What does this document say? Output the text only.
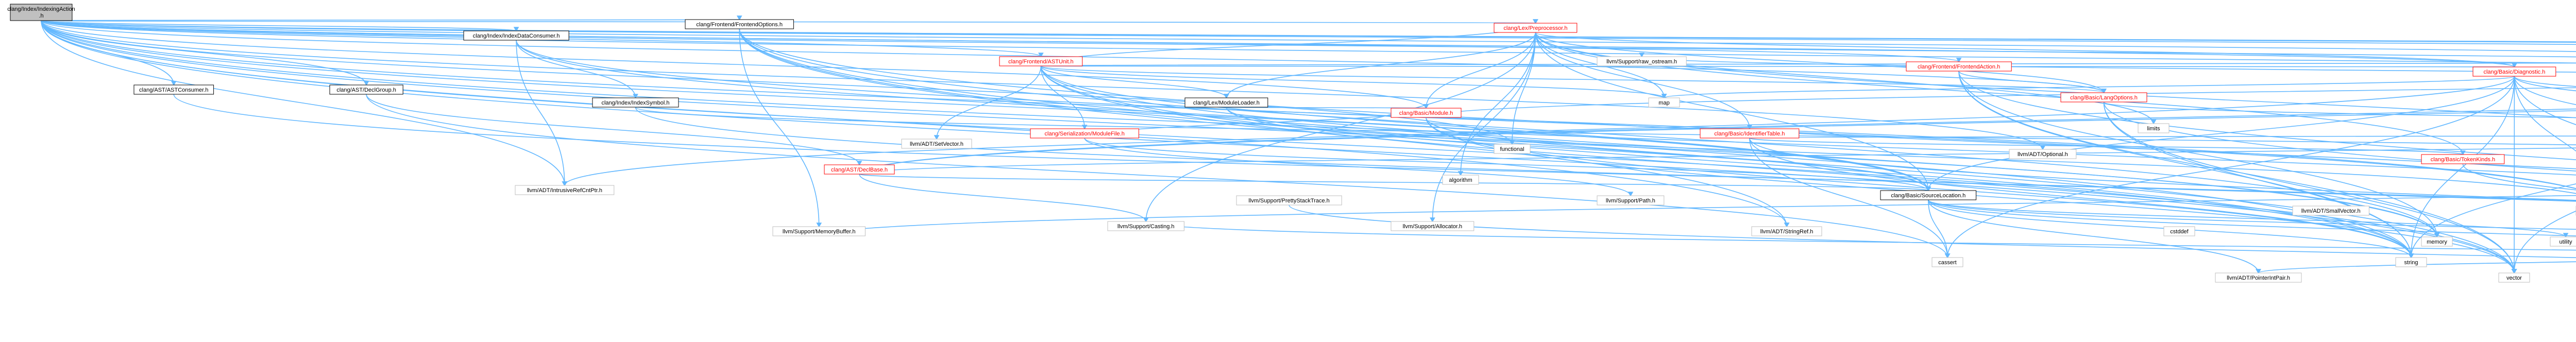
clang/Index/IndexingAction
.h
clang/Frontend/FrontendOptions.h
clang/Index/IndexDataConsumer.h
clang/AST/ASTConsumer.h	clang/AST/DeclGroup.h
clang/Frontend/ASTUnit.h
clang/Frontend/FrontendAction.h
clang/Lex/Preprocessor.h
clang/Lex/ModuleLoader.h
clang/Basic/Diagnostic.h
clang/Basic/LangOptions.h
clang/Basic/SourceLocation.h
clang/Basic/IdentifierTable.h
clang/Basic/TokenKinds.h
clang/Basic/Module.h
clang/Index/IndexSymbol.h
clang/AST/DeclBase.h
clang/Serialization/ModuleFile.h
llvm/ADT/StringRef.h
llvm/ADT/SmallVector.h
llvm/ADT/IntrusiveRefCntPtr.h
llvm/ADT/Optional.h
llvm/ADT/PointerIntPair.h
llvm/ADT/SetVector.h
llvm/Support/Casting.h	llvm/Support/Allocator.h
llvm/Support/MemoryBuffer.h
llvm/Support/Path.h
llvm/Support/raw_ostream.h
llvm/Support/PrettyStackTrace.h
memory
string
vector
cassert
cstddef
utility
map
functional
limits
algorithm
